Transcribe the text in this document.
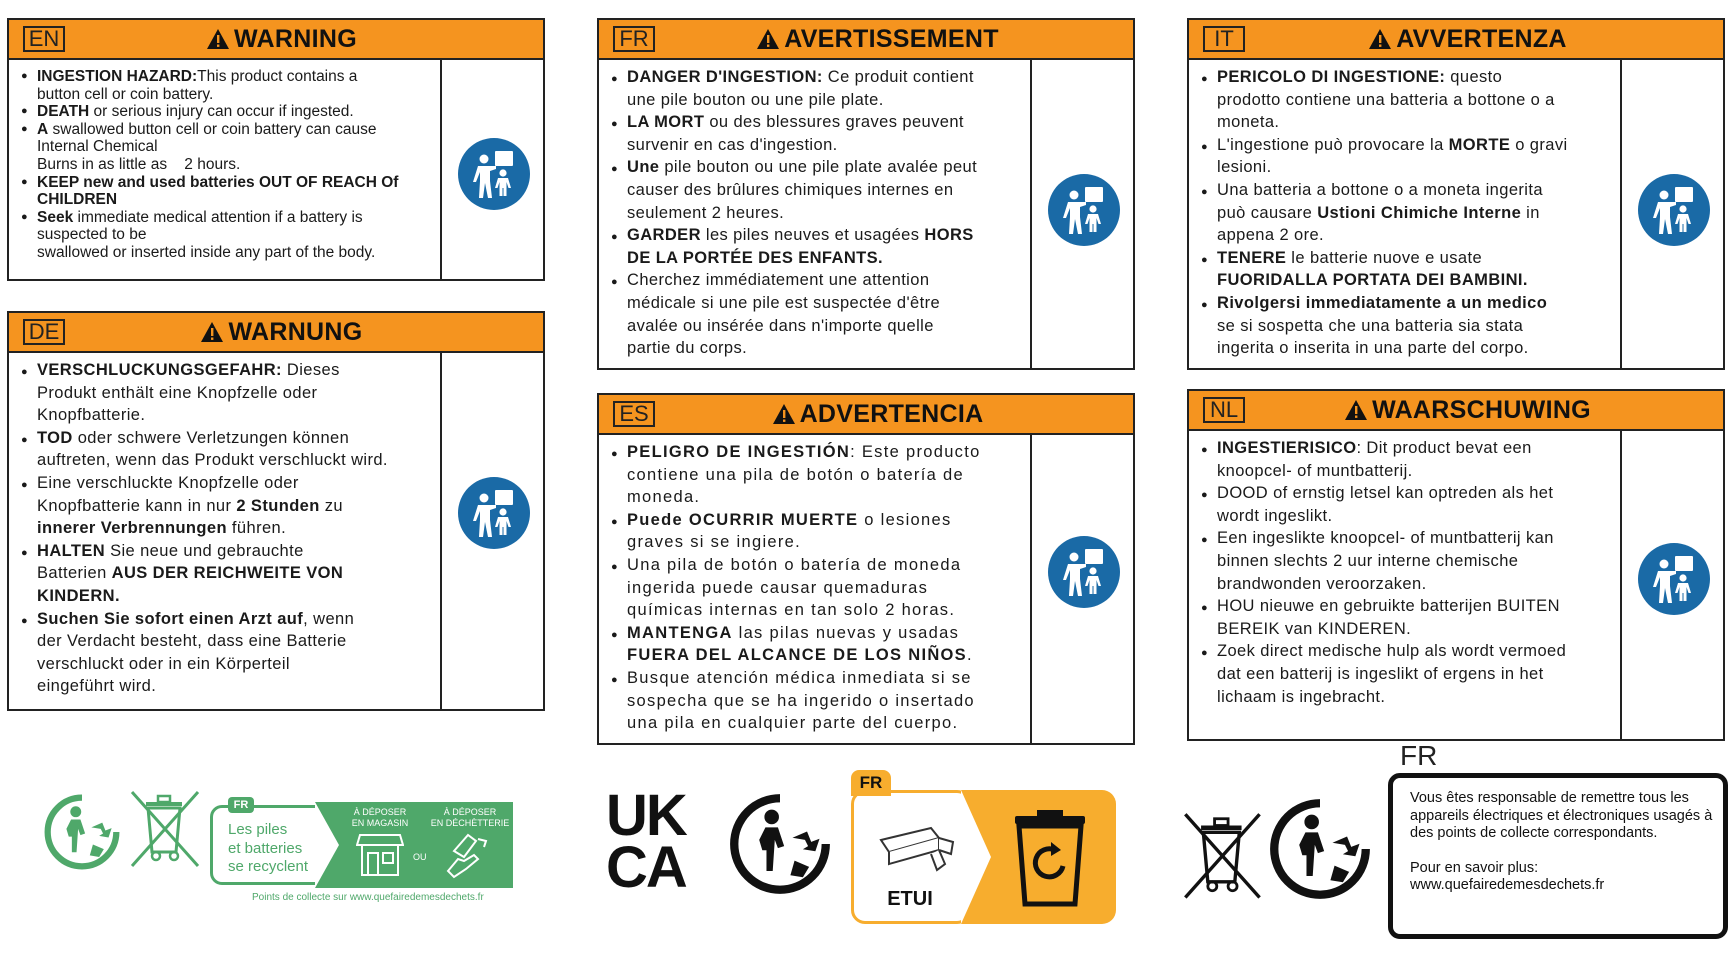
EN	WARNING

● INGESTION HAZARD:This product contains a

button cell or coin battery.

● DEATH or serious injury can occur if ingested.

● A swallowed button cell or coin battery can cause

Internal Chemical
Burns in as little as    2 hours.

● KEEP new and used batteries OUT OF REACH Of

CHILDREN

● Seek immediate medical attention if a battery is

suspected to be
swallowed or inserted inside any part of the body.
DE	WARNUNG

● VERSCHLUCKUNGSGEFAHR: Dieses

Produkt enthält eine Knopfzelle oder
Knopfbatterie.

● TOD oder schwere Verletzungen können

auftreten, wenn das Produkt verschluckt wird.

● Eine verschluckte Knopfzelle oder

Knopfbatterie kann in nur 2 Stunden zu
innerer Verbrennungen führen.

● HALTEN Sie neue und gebrauchte

Batterien AUS DER REICHWEITE VON
KINDERN.

● Suchen Sie sofort einen Arzt auf, wenn

der Verdacht besteht, dass eine Batterie
verschluckt oder in ein Körperteil
eingeführt wird.
FR	AVERTISSEMENT

● DANGER D'INGESTION: Ce produit contient

une pile bouton ou une pile plate.

● LA MORT ou des blessures graves peuvent

survenir en cas d'ingestion.

● Une pile bouton ou une pile plate avalée peut

causer des brûlures chimiques internes en
seulement 2 heures.

● GARDER les piles neuves et usagées HORS

DE LA PORTÉE DES ENFANTS.

● Cherchez immédiatement une attention

médicale si une pile est suspectée d'être
avalée ou insérée dans n'importe quelle
partie du corps.
ES	ADVERTENCIA

● PELIGRO DE INGESTIÓN: Este producto

contiene una pila de botón o batería de
moneda.

● Puede OCURRIR MUERTE o lesiones

graves si se ingiere.

● Una pila de botón o batería de moneda

ingerida puede causar quemaduras
químicas internas en tan solo 2 horas.

● MANTENGA las pilas nuevas y usadas

FUERA DEL ALCANCE DE LOS NIÑOS.

● Busque atención médica inmediata si se

sospecha que se ha ingerido o insertado
una pila en cualquier parte del cuerpo.
IT	AVVERTENZA

● PERICOLO DI INGESTIONE: questo

prodotto contiene una batteria a bottone o a
moneta.

● L'ingestione può provocare la MORTE o gravi

lesioni.

● Una batteria a bottone o a moneta ingerita

può causare Ustioni Chimiche Interne in
appena 2 ore.

● TENERE le batterie nuove e usate

FUORIDALLA PORTATA DEI BAMBINI.

● Rivolgersi immediatamente a un medico

se si sospetta che una batteria sia stata
ingerita o inserita in una parte del corpo.
NL	WAARSCHUWING

● INGESTIERISICO: Dit product bevat een

knoopcel- of muntbatterij.

● DOOD of ernstig letsel kan optreden als het

wordt ingeslikt.

● Een ingeslikte knoopcel- of muntbatterij kan

binnen slechts 2 uur interne chemische
brandwonden veroorzaken.

● HOU nieuwe en gebruikte batterijen BUITEN

BEREIK van KINDEREN.

● Zoek direct medische hulp als wordt vermoed

dat een batterij is ingeslikt of ergens in het
lichaam is ingebracht.
FR
Les piles
et batteries
se recyclent
À DÉPOSER
EN MAGASIN
OU
À DÉPOSER
EN DÉCHÈTTERIE
Points de collecte sur www.quefairedemesdechets.fr
UK
CA
FR
ETUI
FR

Vous êtes responsable de remettre tous les appareils électriques et électroniques usagés à des points de collecte correspondants.

Pour en savoir plus:

www.quefairedemesdechets.fr
